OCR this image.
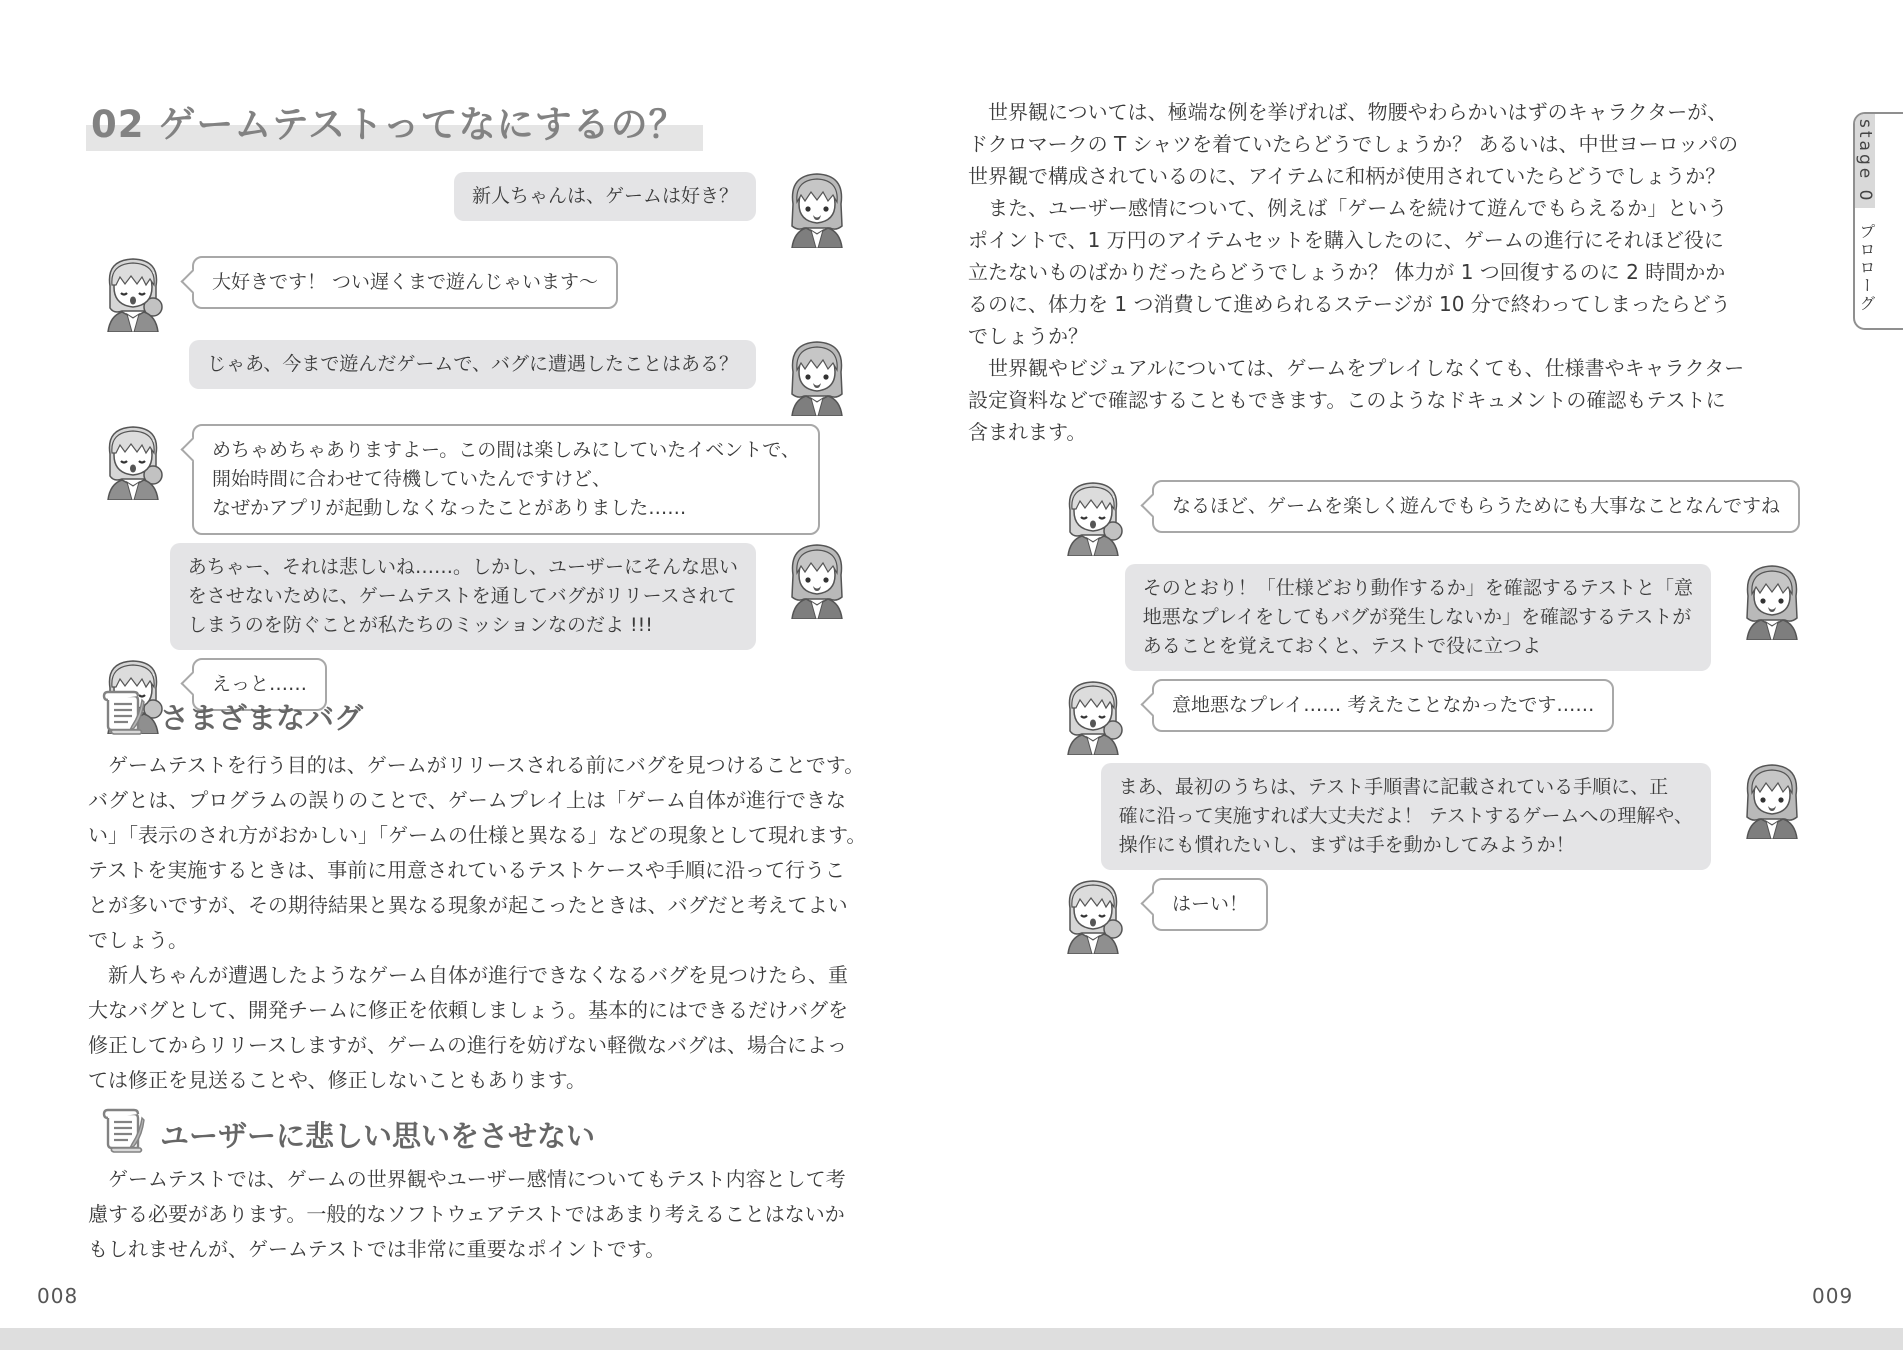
02 ゲームテストってなにするの？
新人ちゃんは、ゲームは好き？
大好きです！ つい遅くまで遊んじゃいます～
じゃあ、今まで遊んだゲームで、バグに遭遇したことはある？
めちゃめちゃありますよー。この間は楽しみにしていたイベントで、
開始時間に合わせて待機していたんですけど、
なぜかアプリが起動しなくなったことがありました……
あちゃー、それは悲しいね……。しかし、ユーザーにそんな思い
をさせないために、ゲームテストを通してバグがリリースされて
しまうのを防ぐことが私たちのミッションなのだよ !!!
えっと……
さまざまなバグ
　ゲームテストを行う目的は、ゲームがリリースされる前にバグを見つけることです。
バグとは、プログラムの誤りのことで、ゲームプレイ上は「ゲーム自体が進行できな
い」「表示のされ方がおかしい」「ゲームの仕様と異なる」などの現象として現れます。
テストを実施するときは、事前に用意されているテストケースや手順に沿って行うこ
とが多いですが、その期待結果と異なる現象が起こったときは、バグだと考えてよい
でしょう。
　新人ちゃんが遭遇したようなゲーム自体が進行できなくなるバグを見つけたら、重
大なバグとして、開発チームに修正を依頼しましょう。基本的にはできるだけバグを
修正してからリリースしますが、ゲームの進行を妨げない軽微なバグは、場合によっ
ては修正を見送ることや、修正しないこともあります。
ユーザーに悲しい思いをさせない
　ゲームテストでは、ゲームの世界観やユーザー感情についてもテスト内容として考
慮する必要があります。一般的なソフトウェアテストではあまり考えることはないか
もしれませんが、ゲームテストでは非常に重要なポイントです。
　世界観については、極端な例を挙げれば、物腰やわらかいはずのキャラクターが、
ドクロマークの T シャツを着ていたらどうでしょうか？ あるいは、中世ヨーロッパの
世界観で構成されているのに、アイテムに和柄が使用されていたらどうでしょうか？
　また、ユーザー感情について、例えば「ゲームを続けて遊んでもらえるか」という
ポイントで、1 万円のアイテムセットを購入したのに、ゲームの進行にそれほど役に
立たないものばかりだったらどうでしょうか？ 体力が 1 つ回復するのに 2 時間かか
るのに、体力を 1 つ消費して進められるステージが 10 分で終わってしまったらどう
でしょうか？
　世界観やビジュアルについては、ゲームをプレイしなくても、仕様書やキャラクター
設定資料などで確認することもできます。このようなドキュメントの確認もテストに
含まれます。
なるほど、ゲームを楽しく遊んでもらうためにも大事なことなんですね
そのとおり！「仕様どおり動作するか」を確認するテストと「意
地悪なプレイをしてもバグが発生しないか」を確認するテストが
あることを覚えておくと、テストで役に立つよ
意地悪なプレイ…… 考えたことなかったです……
まあ、最初のうちは、テスト手順書に記載されている手順に、正
確に沿って実施すれば大丈夫だよ！ テストするゲームへの理解や、
操作にも慣れたいし、まずは手を動かしてみようか！
はーい！
stage 0
プロローグ
008	009
